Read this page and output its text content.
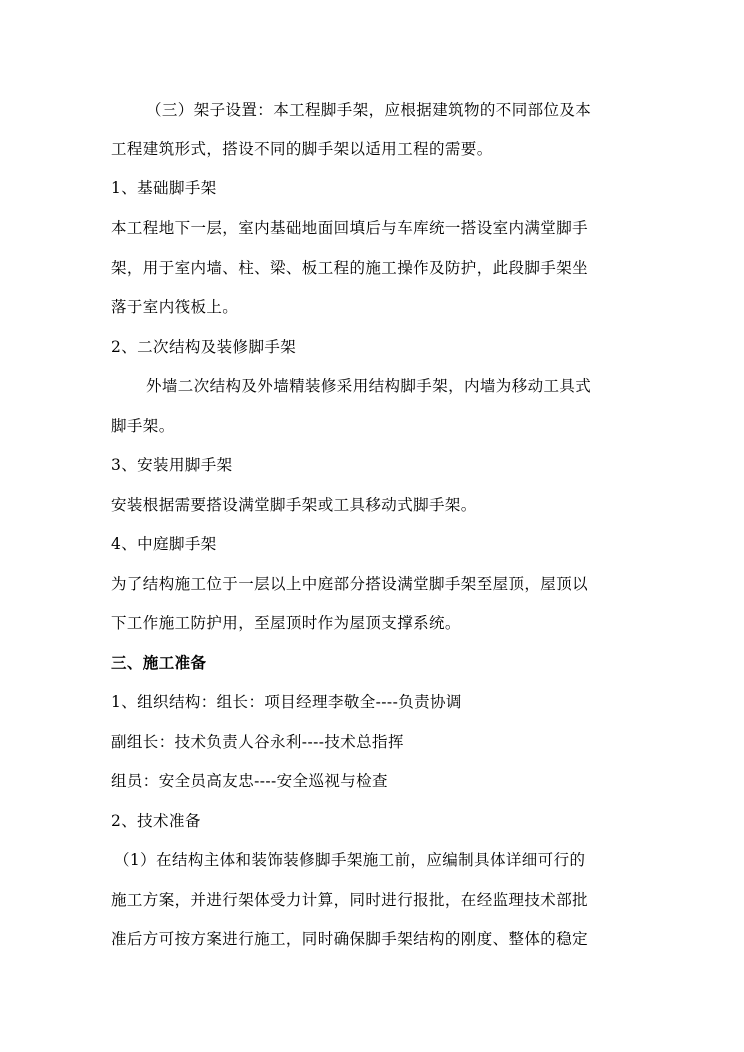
（三）架子设置：本工程脚手架，应根据建筑物的不同部位及本
工程建筑形式，搭设不同的脚手架以适用工程的需要。
1、基础脚手架
本工程地下一层，室内基础地面回填后与车库统一搭设室内满堂脚手
架，用于室内墙、柱、梁、板工程的施工操作及防护，此段脚手架坐
落于室内筏板上。
2、二次结构及装修脚手架
外墙二次结构及外墙精装修采用结构脚手架，内墙为移动工具式
脚手架。
3、安装用脚手架
安装根据需要搭设满堂脚手架或工具移动式脚手架。
4、中庭脚手架
为了结构施工位于一层以上中庭部分搭设满堂脚手架至屋顶，屋顶以
下工作施工防护用，至屋顶时作为屋顶支撑系统。
三、施工准备
1、组织结构：组长：项目经理李敬全----负责协调
副组长：技术负责人谷永利----技术总指挥
组员：安全员高友忠----安全巡视与检查
2、技术准备
（1）在结构主体和装饰装修脚手架施工前，应编制具体详细可行的
施工方案，并进行架体受力计算，同时进行报批，在经监理技术部批
准后方可按方案进行施工，同时确保脚手架结构的刚度、整体的稳定
